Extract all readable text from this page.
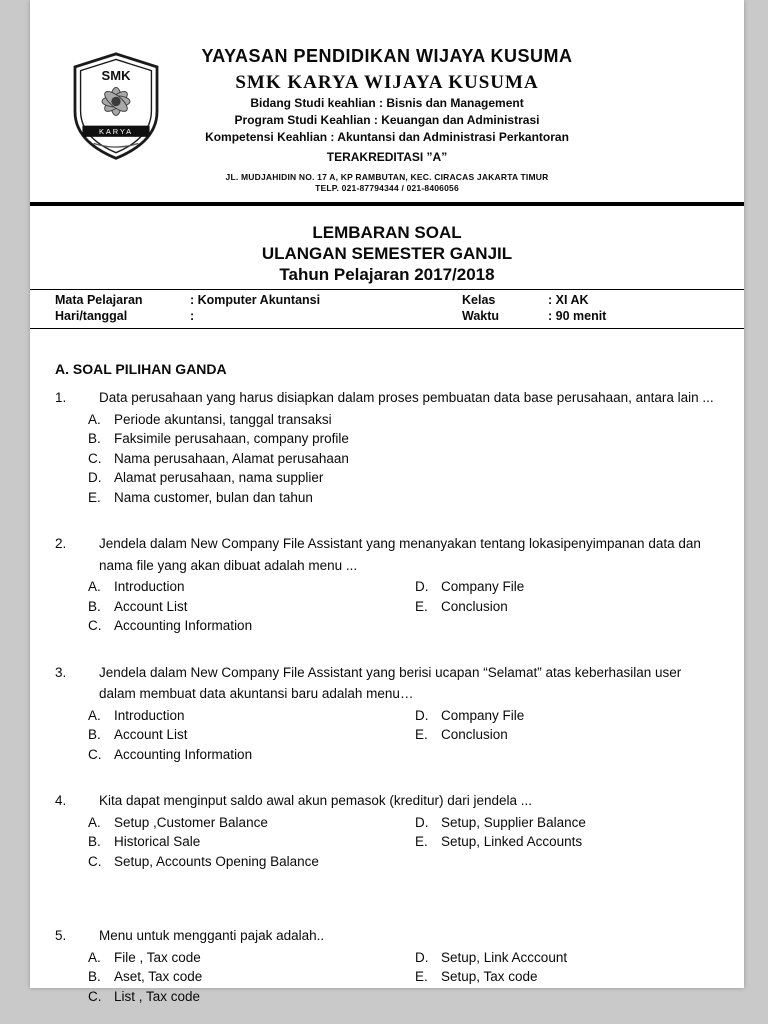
SMK
KARYA
YAYASAN PENDIDIKAN WIJAYA KUSUMA
SMK KARYA WIJAYA KUSUMA
Bidang Studi keahlian : Bisnis dan Management
Program Studi Keahlian : Keuangan dan Administrasi
Kompetensi Keahlian : Akuntansi dan Administrasi Perkantoran
TERAKREDITASI ”A”
JL. MUDJAHIDIN NO. 17 A, KP RAMBUTAN, KEC. CIRACAS JAKARTA TIMUR
TELP. 021-87794344 / 021-8406056
LEMBARAN SOAL
ULANGAN SEMESTER GANJIL
Tahun Pelajaran 2017/2018
Mata Pelajaran	: Komputer Akuntansi	Kelas	: XI AK
Hari/tanggal	:	Waktu	: 90 menit
A. SOAL PILIHAN GANDA
1.	Data perusahaan yang harus disiapkan dalam proses pembuatan data base perusahaan, antara lain ...
A. Periode akuntansi, tanggal transaksi
B. Faksimile perusahaan, company profile
C. Nama perusahaan, Alamat perusahaan
D. Alamat perusahaan, nama supplier
E. Nama customer, bulan dan tahun
2.	Jendela dalam New Company File Assistant yang menanyakan tentang lokasipenyimpanan data dan nama file yang akan dibuat adalah menu ...
A. Introduction
B. Account List
C. Accounting Information
D. Company File
E. Conclusion
3.	Jendela dalam New Company File Assistant yang berisi ucapan “Selamat” atas keberhasilan user dalam membuat data akuntansi baru adalah menu…
A. Introduction
B. Account List
C. Accounting Information
D. Company File
E. Conclusion
4.	Kita dapat menginput saldo awal akun pemasok (kreditur) dari jendela ...
A. Setup ,Customer Balance
B. Historical Sale
C. Setup, Accounts Opening Balance
D. Setup, Supplier Balance
E. Setup, Linked Accounts
5.	Menu untuk mengganti pajak adalah..
A. File , Tax code
B. Aset, Tax code
C. List , Tax code
D. Setup, Link Acccount
E. Setup, Tax code
